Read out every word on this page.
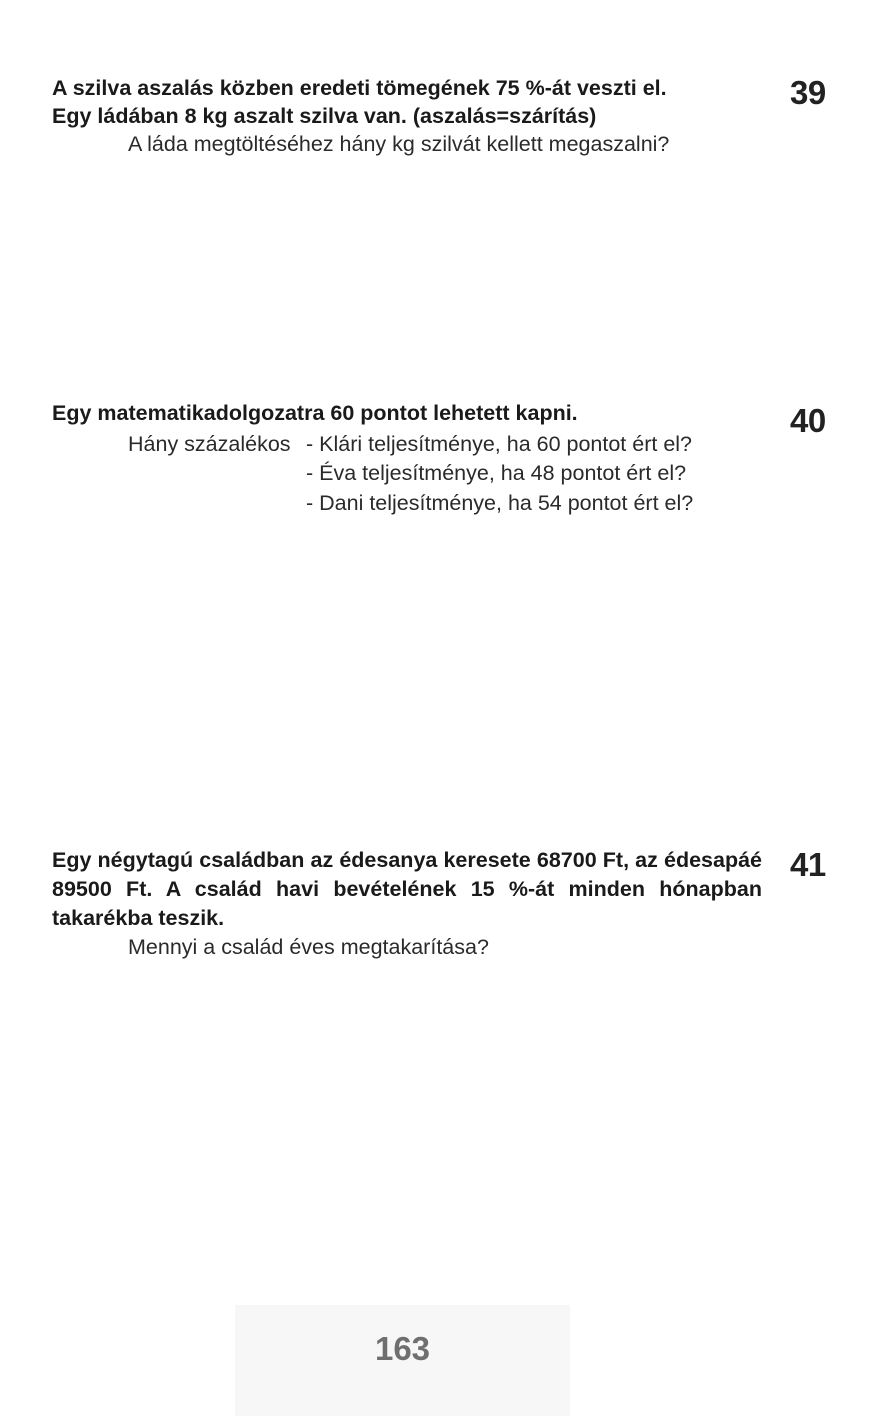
A szilva aszalás közben eredeti tömegének 75 %-át veszti el.
Egy ládában 8 kg aszalt szilva van. (aszalás=szárítás)
A láda megtöltéséhez hány kg szilvát kellett megaszalni?
39
Egy matematikadolgozatra 60 pontot lehetett kapni.
Hány százalékos - Klári teljesítménye, ha 60 pontot ért el?
- Éva teljesítménye, ha 48 pontot ért el?
- Dani teljesítménye, ha 54 pontot ért el?
40
Egy négytagú családban az édesanya keresete 68700 Ft, az édesapáé 89500 Ft. A család havi bevételének 15 %-át minden hónapban takarékba teszik.
Mennyi a család éves megtakarítása?
41
163
